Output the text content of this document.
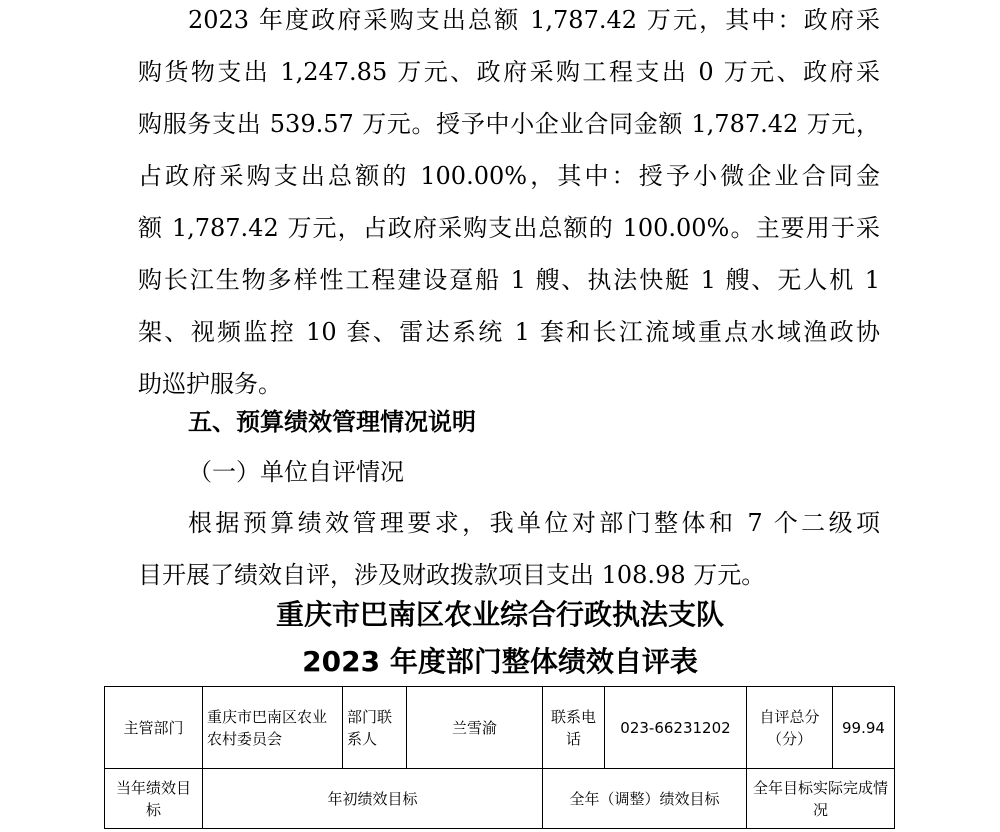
2023 年度政府采购支出总额 1,787.42 万元，其中：政府采
购货物支出 1,247.85 万元、政府采购工程支出 0 万元、政府采
购服务支出 539.57 万元。授予中小企业合同金额 1,787.42 万元，
占政府采购支出总额的 100.00%，其中：授予小微企业合同金
额 1,787.42 万元，占政府采购支出总额的 100.00%。主要用于采
购长江生物多样性工程建设趸船 1 艘、执法快艇 1 艘、无人机 1
架、视频监控 10 套、雷达系统 1 套和长江流域重点水域渔政协
助巡护服务。
五、预算绩效管理情况说明
（一）单位自评情况
根据预算绩效管理要求，我单位对部门整体和 7 个二级项
目开展了绩效自评，涉及财政拨款项目支出 108.98 万元。
重庆市巴南区农业综合行政执法支队
2023 年度部门整体绩效自评表
主管部门	重庆市巴南区农业农村委员会	部门联系人	兰雪渝	联系电话	023-66231202	自评总分（分）	99.94
当年绩效目标	年初绩效目标			全年（调整）绩效目标		全年目标实际完成情况	
